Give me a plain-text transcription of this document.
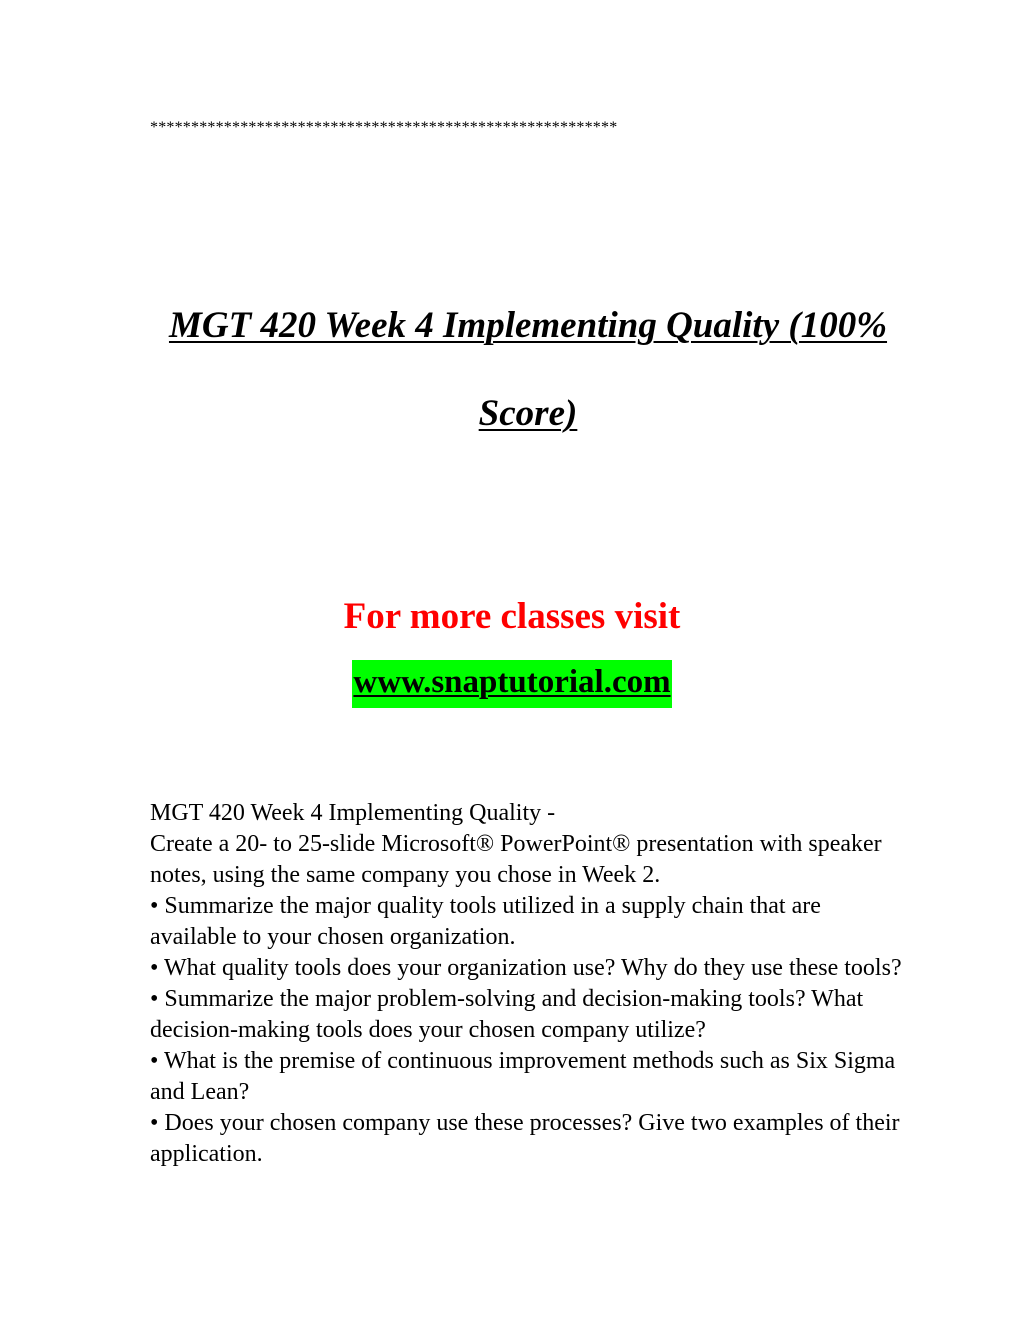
*********************************************************
MGT 420 Week 4 Implementing Quality (100% Score)

For more classes visit

www.snaptutorial.com
MGT 420 Week 4 Implementing Quality -
Create a 20- to 25-slide Microsoft® PowerPoint® presentation with speaker notes, using the same company you chose in Week 2.
• Summarize the major quality tools utilized in a supply chain that are available to your chosen organization.
• What quality tools does your organization use? Why do they use these tools?
• Summarize the major problem-solving and decision-making tools? What decision-making tools does your chosen company utilize?
• What is the premise of continuous improvement methods such as Six Sigma and Lean?
• Does your chosen company use these processes? Give two examples of their application.
